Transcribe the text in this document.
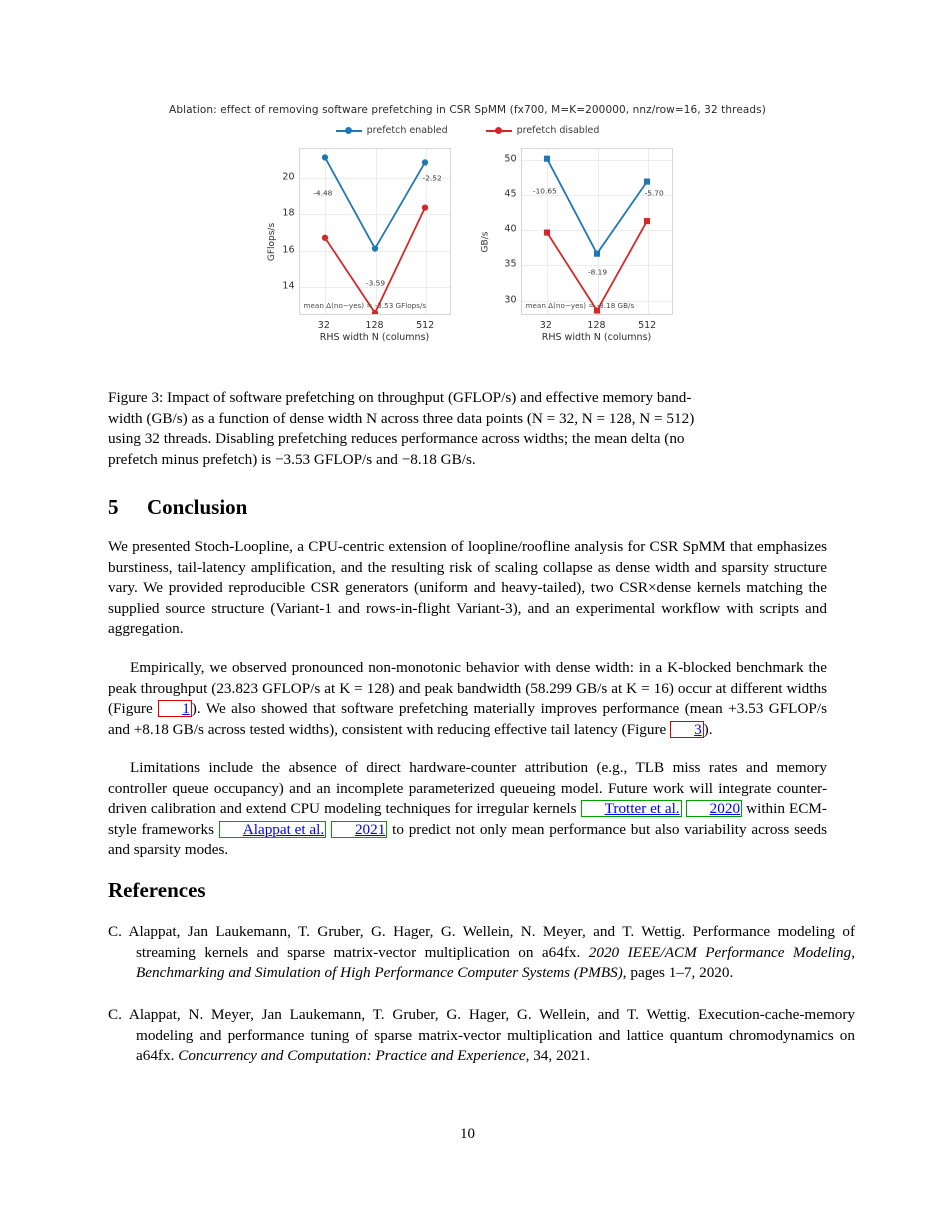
Ablation: effect of removing software prefetching in CSR SpMM (fx700, M=K=200000, nnz/row=16, 32 threads)
prefetch enabled	prefetch disabled
GFlops/s
mean Δ(no−yes) = -3.53 GFlops/s
-4.48
-3.59
-2.52
RHS width N (columns)
14
16
18
20
32	128	512
GB/s
mean Δ(no−yes) = -8.18 GB/s
-10.65
-8.19
-5.70
RHS width N (columns)
30
35
40
45
50
32	128	512
Figure 3: Impact of software prefetching on throughput (GFLOP/s) and effective memory band-
width (GB/s) as a function of dense width N across three data points (N = 32, N = 128, N = 512)
using 32 threads. Disabling prefetching reduces performance across widths; the mean delta (no
prefetch minus prefetch) is −3.53 GFLOP/s and −8.18 GB/s.
5 Conclusion

We presented Stoch-Loopline, a CPU-centric extension of loopline/roofline analysis for CSR SpMM that emphasizes burstiness, tail-latency amplification, and the resulting risk of scaling collapse as dense width and sparsity structure vary. We provided reproducible CSR generators (uniform and heavy-tailed), two CSR×dense kernels matching the supplied source structure (Variant-1 and rows-in-flight Variant-3), and an experimental workflow with scripts and aggregation.

Empirically, we observed pronounced non-monotonic behavior with dense width: in a K-blocked benchmark the peak throughput (23.823 GFLOP/s at K = 128) and peak bandwidth (58.299 GB/s at K = 16) occur at different widths (Figure 1 ). We also showed that software prefetching materially improves performance (mean +3.53 GFLOP/s and +8.18 GB/s across tested widths), consistent with reducing effective tail latency (Figure 3 ).

Limitations include the absence of direct hardware-counter attribution (e.g., TLB miss rates and memory controller queue occupancy) and an incomplete parameterized queueing model. Future work will integrate counter-driven calibration and extend CPU modeling techniques for irregular kernels Trotter et al. 2020 within ECM-style frameworks Alappat et al. 2021 to predict not only mean performance but also variability across seeds and sparsity modes.

References
C. Alappat, Jan Laukemann, T. Gruber, G. Hager, G. Wellein, N. Meyer, and T. Wettig. Performance modeling of streaming kernels and sparse matrix-vector multiplication on a64fx. 2020 IEEE/ACM Performance Modeling, Benchmarking and Simulation of High Performance Computer Systems (PMBS), pages 1–7, 2020.
C. Alappat, N. Meyer, Jan Laukemann, T. Gruber, G. Hager, G. Wellein, and T. Wettig. Execution-cache-memory modeling and performance tuning of sparse matrix-vector multiplication and lattice quantum chromodynamics on a64fx. Concurrency and Computation: Practice and Experience, 34, 2021.
10
